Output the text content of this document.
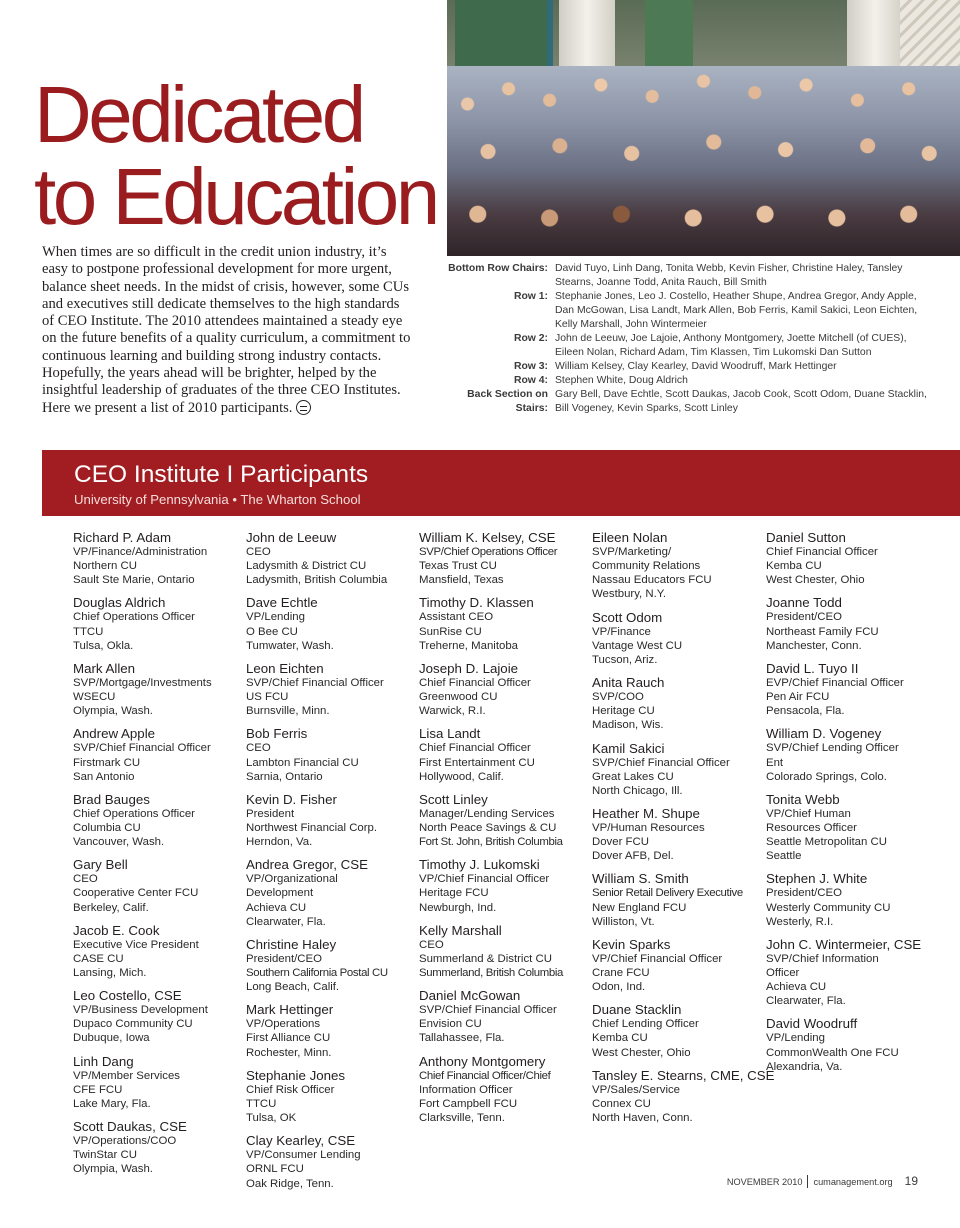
Dedicated
to Education

When times are so difficult in the credit union industry, it’s easy to postpone professional development for more urgent, balance sheet needs. In the midst of crisis, however, some CUs and executives still dedicate themselves to the high standards of CEO Institute. The 2010 attendees maintained a steady eye on the future benefits of a quality curriculum, a commitment to continuous learning and building strong industry contacts. Hopefully, the years ahead will be brighter, helped by the insightful leadership of graduates of the three CEO Institutes. Here we present a list of 2010 participants.

Bottom Row Chairs: David Tuyo, Linh Dang, Tonita Webb, Kevin Fisher, Christine Haley, Tansley Stearns, Joanne Todd, Anita Rauch, Bill Smith
Row 1: Stephanie Jones, Leo J. Costello, Heather Shupe, Andrea Gregor, Andy Apple, Dan McGowan, Lisa Landt, Mark Allen, Bob Ferris, Kamil Sakici, Leon Eichten, Kelly Marshall, John Wintermeier
Row 2: John de Leeuw, Joe Lajoie, Anthony Montgomery, Joette Mitchell (of CUES), Eileen Nolan, Richard Adam, Tim Klassen, Tim Lukomski Dan Sutton
Row 3: William Kelsey, Clay Kearley, David Woodruff, Mark Hettinger
Row 4: Stephen White, Doug Aldrich
Back Section on Stairs:
Gary Bell, Dave Echtle, Scott Daukas, Jacob Cook, Scott Odom, Duane Stacklin, Bill Vogeney, Kevin Sparks, Scott Linley
CEO Institute I Participants
University of Pennsylvania • The Wharton School
Richard P. Adam
VP/Finance/Administration
Northern CU
Sault Ste Marie, Ontario
Douglas Aldrich
Chief Operations Officer
TTCU
Tulsa, Okla.
Mark Allen
SVP/Mortgage/Investments
WSECU
Olympia, Wash.
Andrew Apple
SVP/Chief Financial Officer
Firstmark CU
San Antonio
Brad Bauges
Chief Operations Officer
Columbia CU
Vancouver, Wash.
Gary Bell
CEO
Cooperative Center FCU
Berkeley, Calif.
Jacob E. Cook
Executive Vice President
CASE CU
Lansing, Mich.
Leo Costello, CSE
VP/Business Development
Dupaco Community CU
Dubuque, Iowa
Linh Dang
VP/Member Services
CFE FCU
Lake Mary, Fla.
Scott Daukas, CSE
VP/Operations/COO
TwinStar CU
Olympia, Wash.
John de Leeuw
CEO
Ladysmith & District CU
Ladysmith, British Columbia
Dave Echtle
VP/Lending
O Bee CU
Tumwater, Wash.
Leon Eichten
SVP/Chief Financial Officer
US FCU
Burnsville, Minn.
Bob Ferris
CEO
Lambton Financial CU
Sarnia, Ontario
Kevin D. Fisher
President
Northwest Financial Corp.
Herndon, Va.
Andrea Gregor, CSE
VP/Organizational
Development
Achieva CU
Clearwater, Fla.
Christine Haley
President/CEO
Southern California Postal CU
Long Beach, Calif.
Mark Hettinger
VP/Operations
First Alliance CU
Rochester, Minn.
Stephanie Jones
Chief Risk Officer
TTCU
Tulsa, OK
Clay Kearley, CSE
VP/Consumer Lending
ORNL FCU
Oak Ridge, Tenn.
William K. Kelsey, CSE
SVP/Chief Operations Officer
Texas Trust CU
Mansfield, Texas
Timothy D. Klassen
Assistant CEO
SunRise CU
Treherne, Manitoba
Joseph D. Lajoie
Chief Financial Officer
Greenwood CU
Warwick, R.I.
Lisa Landt
Chief Financial Officer
First Entertainment CU
Hollywood, Calif.
Scott Linley
Manager/Lending Services
North Peace Savings & CU
Fort St. John, British Columbia
Timothy J. Lukomski
VP/Chief Financial Officer
Heritage FCU
Newburgh, Ind.
Kelly Marshall
CEO
Summerland & District CU
Summerland, British Columbia
Daniel McGowan
SVP/Chief Financial Officer
Envision CU
Tallahassee, Fla.
Anthony Montgomery
Chief Financial Officer/Chief
Information Officer
Fort Campbell FCU
Clarksville, Tenn.
Eileen Nolan
SVP/Marketing/
Community Relations
Nassau Educators FCU
Westbury, N.Y.
Scott Odom
VP/Finance
Vantage West CU
Tucson, Ariz.
Anita Rauch
SVP/COO
Heritage CU
Madison, Wis.
Kamil Sakici
SVP/Chief Financial Officer
Great Lakes CU
North Chicago, Ill.
Heather M. Shupe
VP/Human Resources
Dover FCU
Dover AFB, Del.
William S. Smith
Senior Retail Delivery Executive
New England FCU
Williston, Vt.
Kevin Sparks
VP/Chief Financial Officer
Crane FCU
Odon, Ind.
Duane Stacklin
Chief Lending Officer
Kemba CU
West Chester, Ohio
Tansley E. Stearns, CME, CSE
VP/Sales/Service
Connex CU
North Haven, Conn.
Daniel Sutton
Chief Financial Officer
Kemba CU
West Chester, Ohio
Joanne Todd
President/CEO
Northeast Family FCU
Manchester, Conn.
David L. Tuyo II
EVP/Chief Financial Officer
Pen Air FCU
Pensacola, Fla.
William D. Vogeney
SVP/Chief Lending Officer
Ent
Colorado Springs, Colo.
Tonita Webb
VP/Chief Human
Resources Officer
Seattle Metropolitan CU
Seattle
Stephen J. White
President/CEO
Westerly Community CU
Westerly, R.I.
John C. Wintermeier, CSE
SVP/Chief Information
Officer
Achieva CU
Clearwater, Fla.
David Woodruff
VP/Lending
CommonWealth One FCU
Alexandria, Va.
NOVEMBER 2010 cumanagement.org 19
